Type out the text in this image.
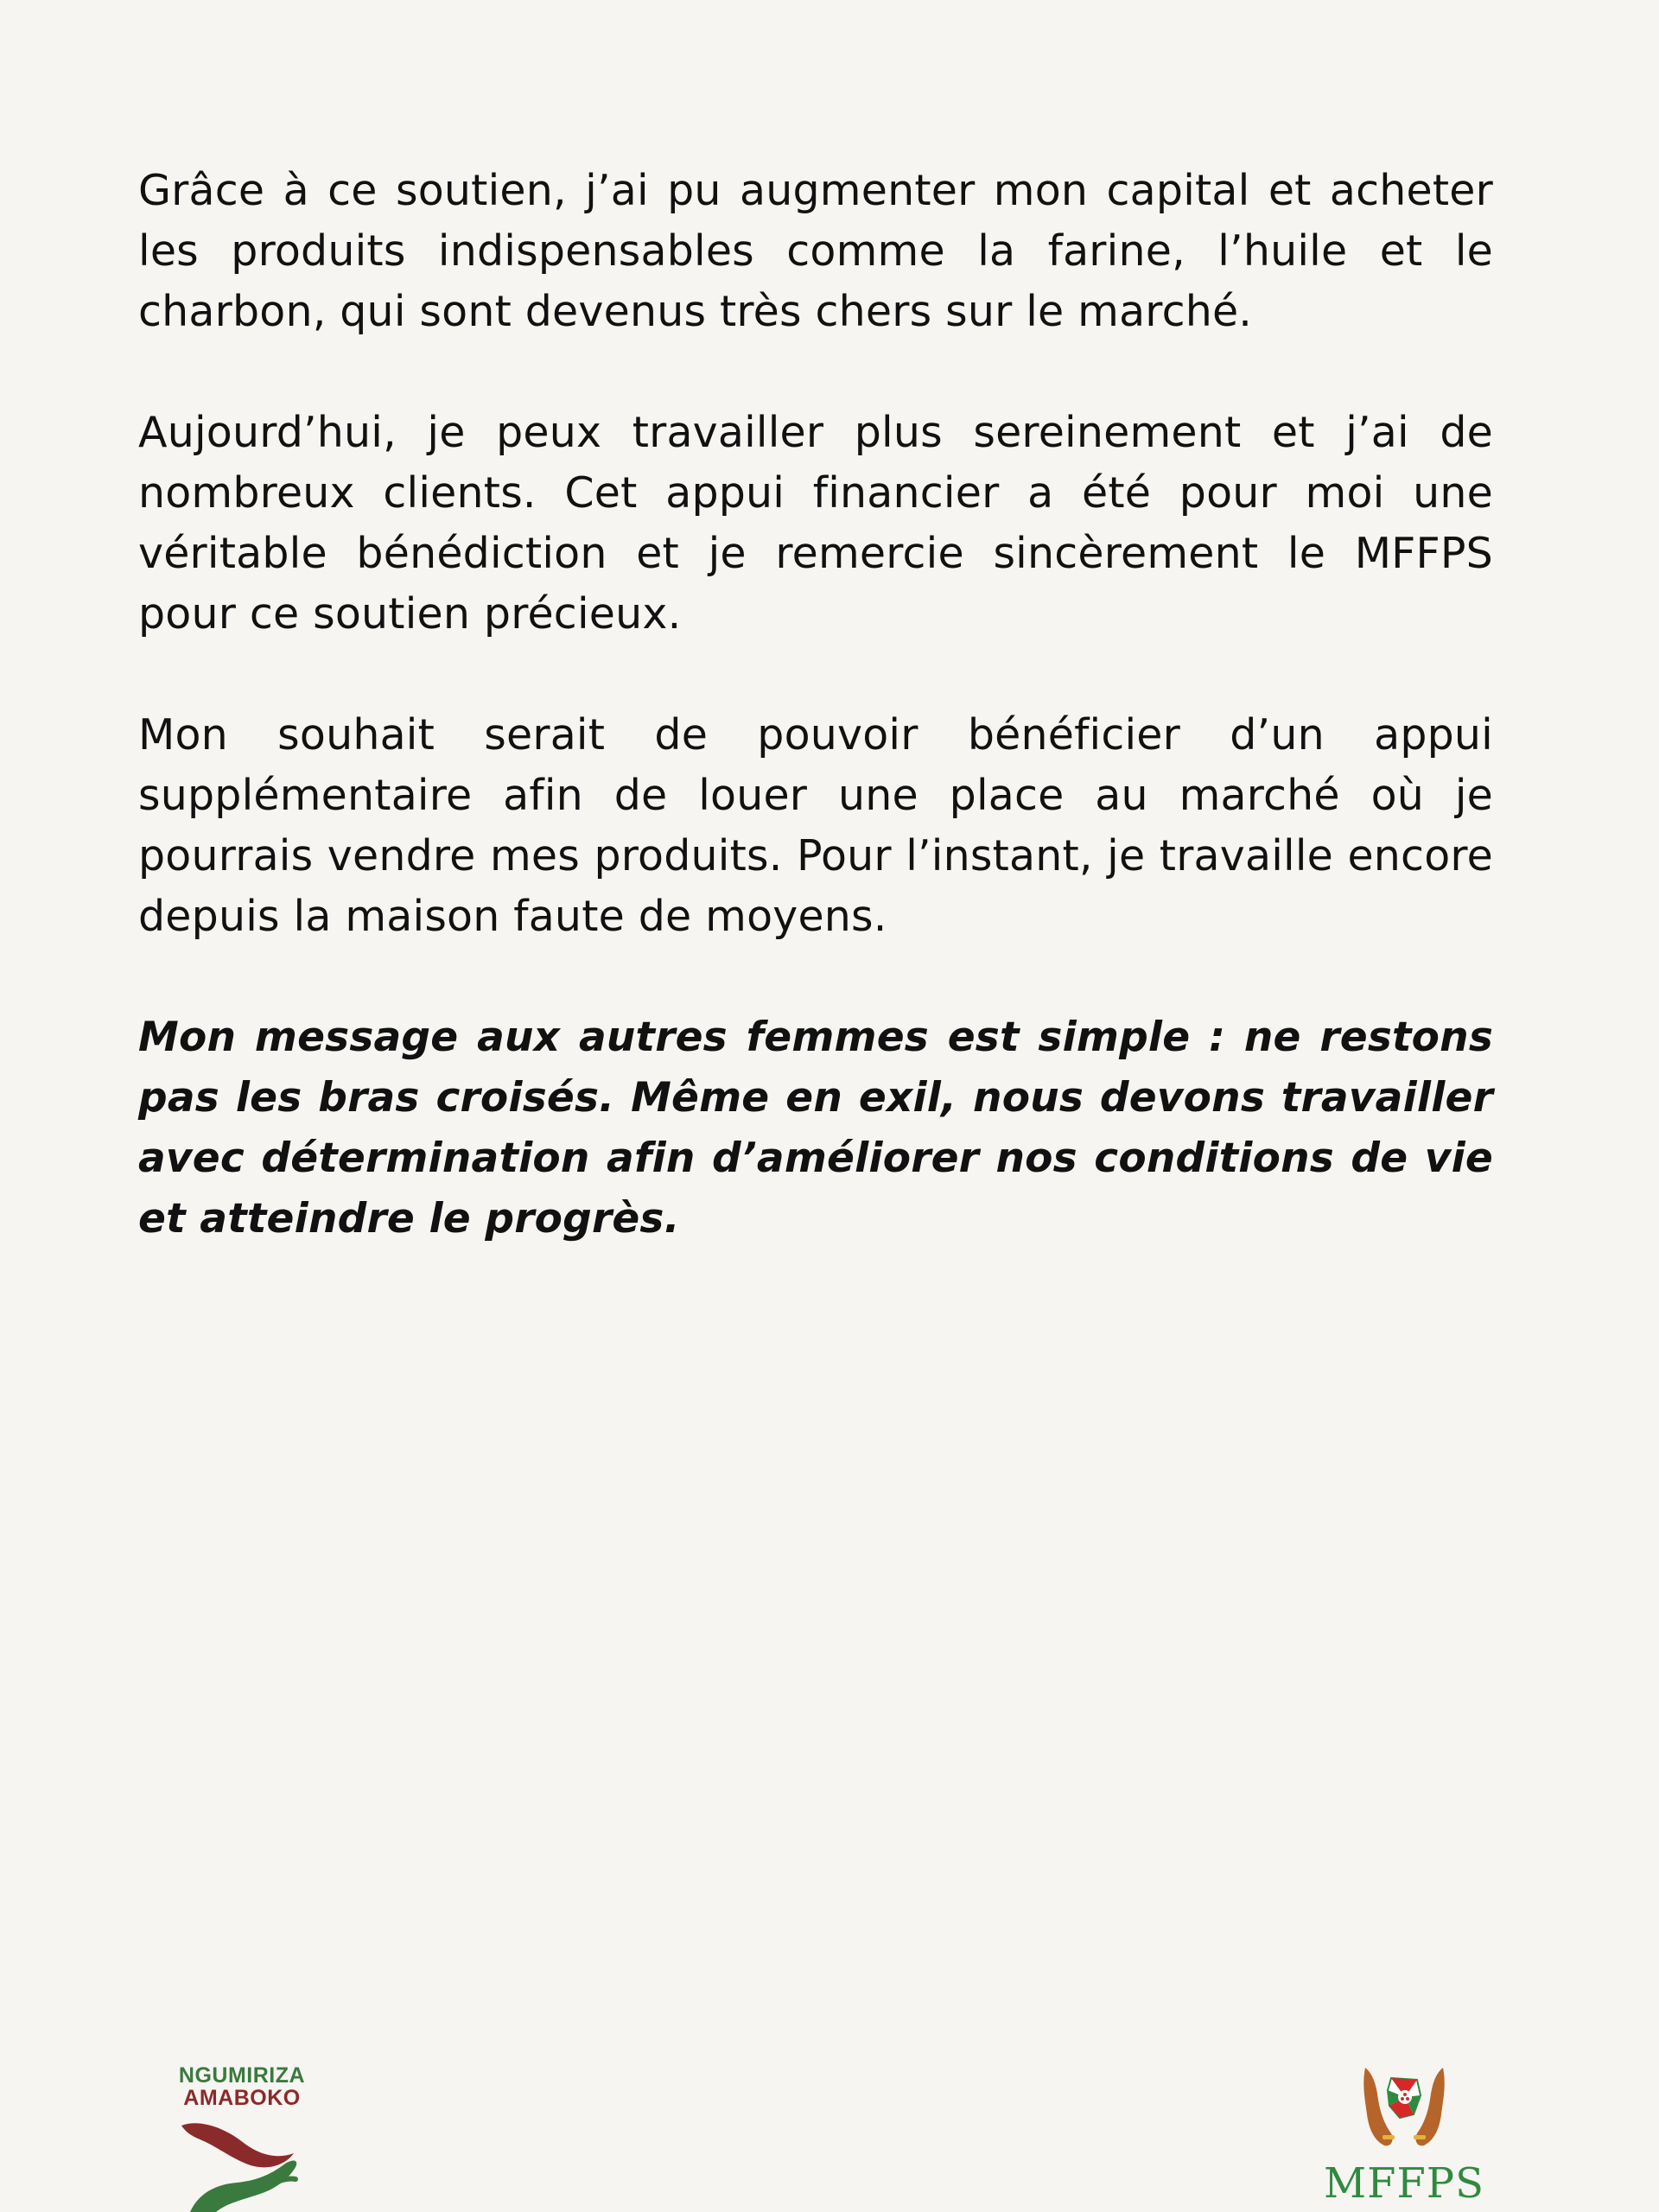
Grâce à ce soutien, j’ai pu augmenter mon capital et acheter les produits indispensables comme la farine, l’huile et le charbon, qui sont devenus très chers sur le marché.

Aujourd’hui, je peux travailler plus sereinement et j’ai de nombreux clients. Cet appui financier a été pour moi une véritable bénédiction et je remercie sincèrement le MFFPS pour ce soutien précieux.

Mon souhait serait de pouvoir bénéficier d’un appui supplémentaire afin de louer une place au marché où je pourrais vendre mes produits. Pour l’instant, je travaille encore depuis la maison faute de moyens.

Mon message aux autres femmes est simple : ne restons pas les bras croisés. Même en exil, nous devons travailler avec détermination afin d’améliorer nos conditions de vie et atteindre le progrès.

NGUMIRIZA
AMABOKO
MFFPS
